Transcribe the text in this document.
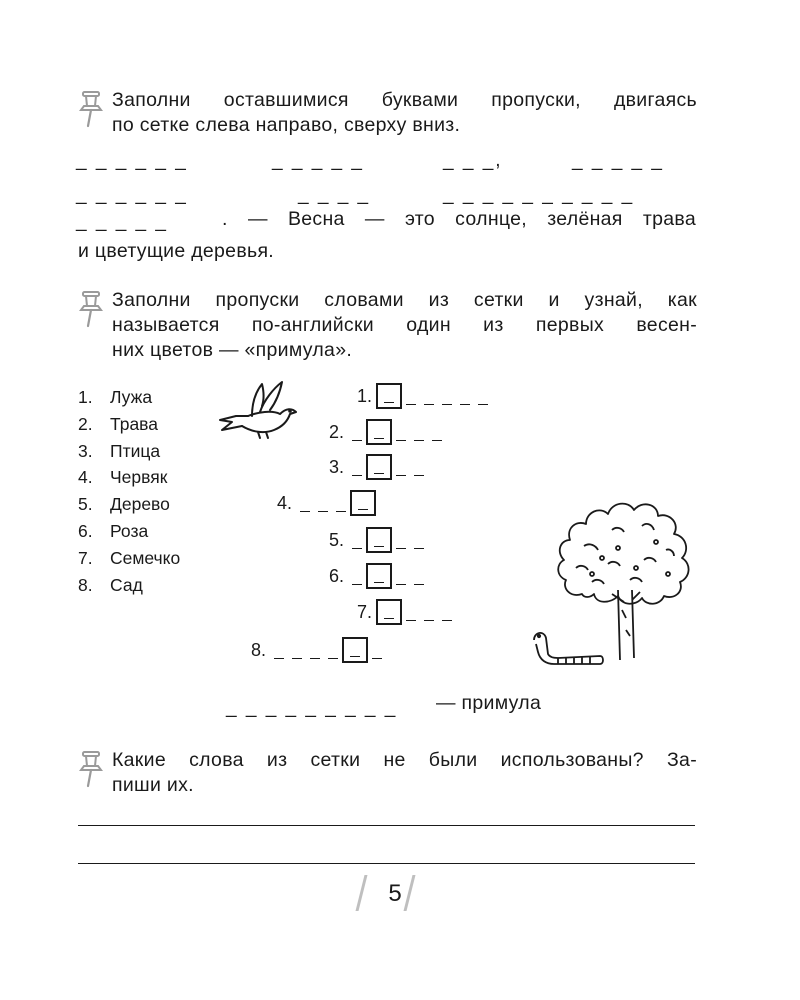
Заполни оставшимися буквами пропуски, двигаясь
по сетке слева направо, сверху вниз.
_ _ _ _ _ _	_ _ _ _ _	_ _ _,	_ _ _ _ _
_ _ _ _ _ _	_ _ _ _	_ _ _ _ _ _ _ _ _ _
_ _ _ _ _	. — Весна — это солнце, зелёная трава
и цветущие деревья.
Заполни пропуски словами из сетки и узнай, как
называется по-английски один из первых весен-
них цветов — «примула».
1. Лужа
2. Трава
3. Птица
4. Червяк
5. Дерево
6. Роза
7. Семечко
8. Сад
1.
2.
3.
4.
5.
6.
7.
8.
_ _ _ _ _ _ _ _ _ — примула
Какие слова из сетки не были использованы? За-
пиши их.
5
